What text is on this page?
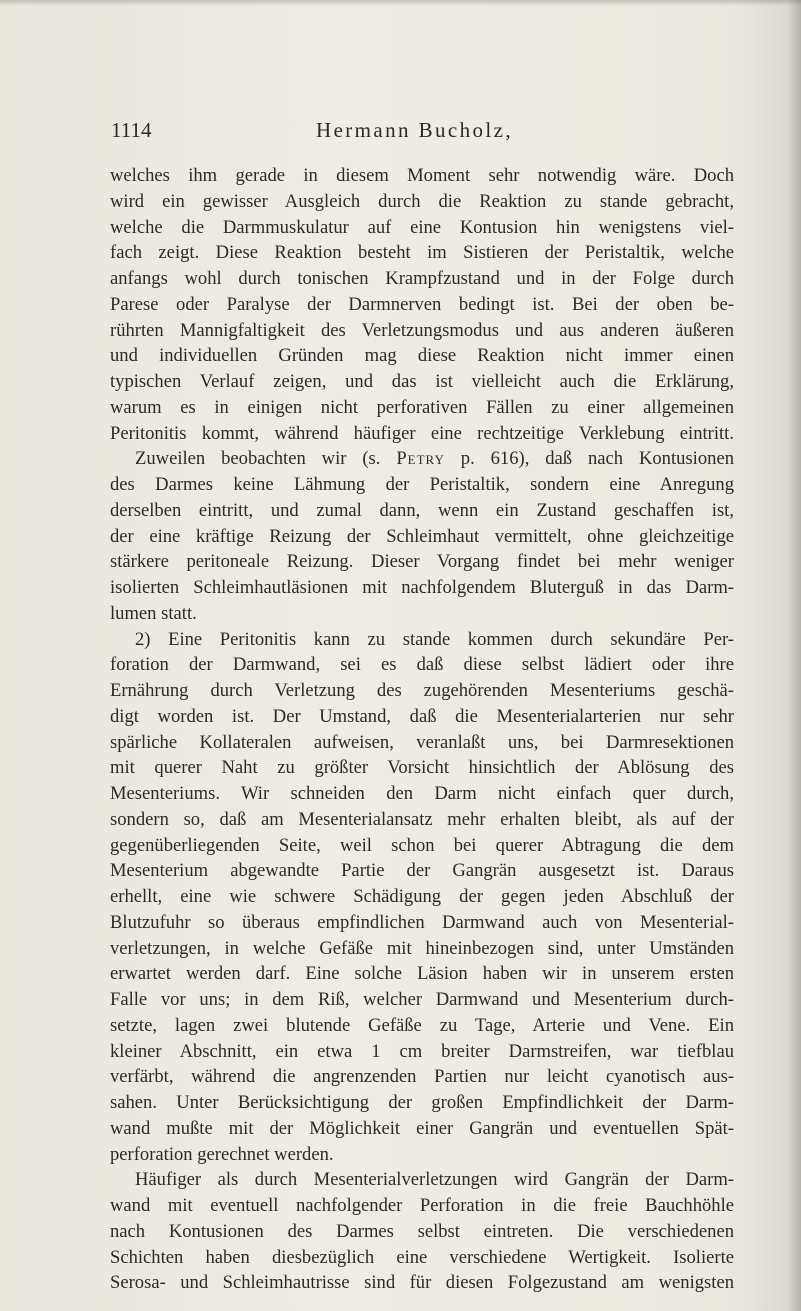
1114	Hermann Bucholz,
welches ihm gerade in diesem Moment sehr notwendig wäre. Doch
wird ein gewisser Ausgleich durch die Reaktion zu stande gebracht,
welche die Darmmuskulatur auf eine Kontusion hin wenigstens viel-
fach zeigt. Diese Reaktion besteht im Sistieren der Peristaltik, welche
anfangs wohl durch tonischen Krampfzustand und in der Folge durch
Parese oder Paralyse der Darmnerven bedingt ist. Bei der oben be-
rührten Mannigfaltigkeit des Verletzungsmodus und aus anderen äußeren
und individuellen Gründen mag diese Reaktion nicht immer einen
typischen Verlauf zeigen, und das ist vielleicht auch die Erklärung,
warum es in einigen nicht perforativen Fällen zu einer allgemeinen
Peritonitis kommt, während häufiger eine rechtzeitige Verklebung eintritt.
Zuweilen beobachten wir (s. Petry p. 616), daß nach Kontusionen
des Darmes keine Lähmung der Peristaltik, sondern eine Anregung
derselben eintritt, und zumal dann, wenn ein Zustand geschaffen ist,
der eine kräftige Reizung der Schleimhaut vermittelt, ohne gleichzeitige
stärkere peritoneale Reizung. Dieser Vorgang findet bei mehr weniger
isolierten Schleimhautläsionen mit nachfolgendem Bluterguß in das Darm-
lumen statt.
2) Eine Peritonitis kann zu stande kommen durch sekundäre Per-
foration der Darmwand, sei es daß diese selbst lädiert oder ihre
Ernährung durch Verletzung des zugehörenden Mesenteriums geschä-
digt worden ist. Der Umstand, daß die Mesenterialarterien nur sehr
spärliche Kollateralen aufweisen, veranlaßt uns, bei Darmresektionen
mit querer Naht zu größter Vorsicht hinsichtlich der Ablösung des
Mesenteriums. Wir schneiden den Darm nicht einfach quer durch,
sondern so, daß am Mesenterialansatz mehr erhalten bleibt, als auf der
gegenüberliegenden Seite, weil schon bei querer Abtragung die dem
Mesenterium abgewandte Partie der Gangrän ausgesetzt ist. Daraus
erhellt, eine wie schwere Schädigung der gegen jeden Abschluß der
Blutzufuhr so überaus empfindlichen Darmwand auch von Mesenterial-
verletzungen, in welche Gefäße mit hineinbezogen sind, unter Umständen
erwartet werden darf. Eine solche Läsion haben wir in unserem ersten
Falle vor uns; in dem Riß, welcher Darmwand und Mesenterium durch-
setzte, lagen zwei blutende Gefäße zu Tage, Arterie und Vene. Ein
kleiner Abschnitt, ein etwa 1 cm breiter Darmstreifen, war tiefblau
verfärbt, während die angrenzenden Partien nur leicht cyanotisch aus-
sahen. Unter Berücksichtigung der großen Empfindlichkeit der Darm-
wand mußte mit der Möglichkeit einer Gangrän und eventuellen Spät-
perforation gerechnet werden.
Häufiger als durch Mesenterialverletzungen wird Gangrän der Darm-
wand mit eventuell nachfolgender Perforation in die freie Bauchhöhle
nach Kontusionen des Darmes selbst eintreten. Die verschiedenen
Schichten haben diesbezüglich eine verschiedene Wertigkeit. Isolierte
Serosa- und Schleimhautrisse sind für diesen Folgezustand am wenigsten
